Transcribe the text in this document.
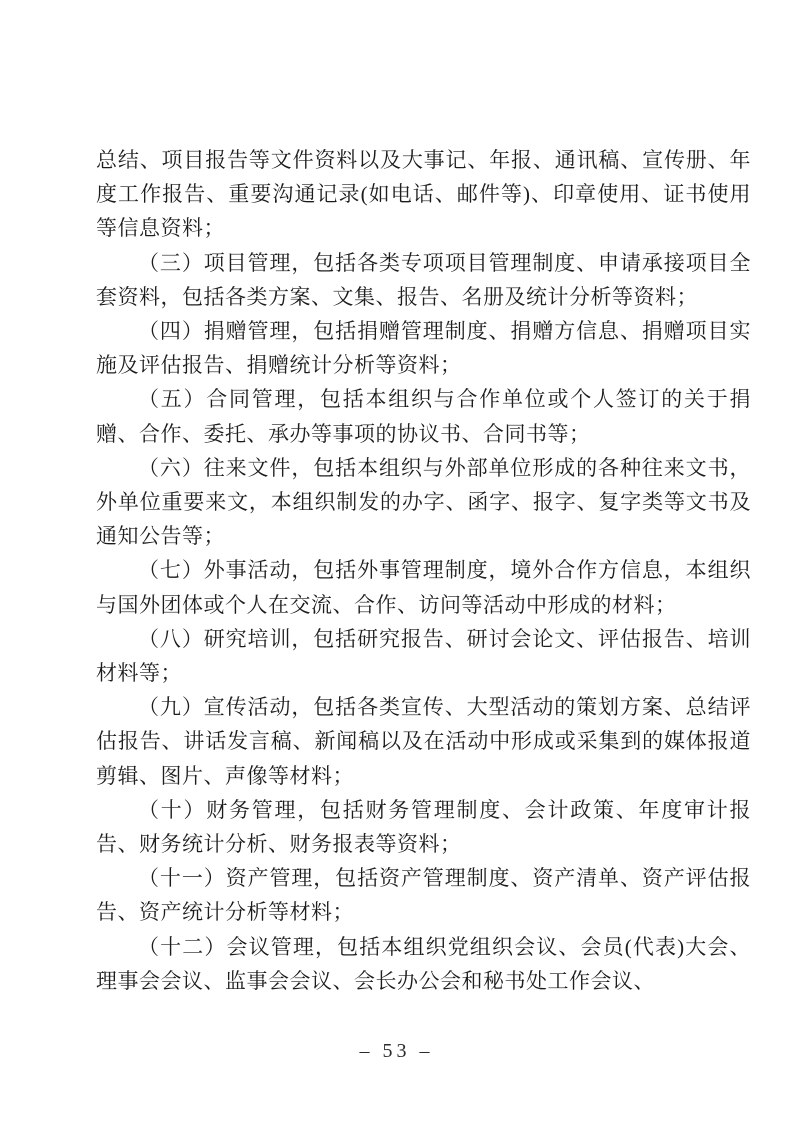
总结、项目报告等文件资料以及大事记、年报、通讯稿、宣传册、年度工作报告、重要沟通记录(如电话、邮件等)、印章使用、证书使用等信息资料；

（三）项目管理，包括各类专项项目管理制度、申请承接项目全套资料，包括各类方案、文集、报告、名册及统计分析等资料；

（四）捐赠管理，包括捐赠管理制度、捐赠方信息、捐赠项目实施及评估报告、捐赠统计分析等资料；

（五）合同管理，包括本组织与合作单位或个人签订的关于捐赠、合作、委托、承办等事项的协议书、合同书等；

（六）往来文件，包括本组织与外部单位形成的各种往来文书，外单位重要来文，本组织制发的办字、函字、报字、复字类等文书及通知公告等；

（七）外事活动，包括外事管理制度，境外合作方信息，本组织与国外团体或个人在交流、合作、访问等活动中形成的材料；

（八）研究培训，包括研究报告、研讨会论文、评估报告、培训材料等；

（九）宣传活动，包括各类宣传、大型活动的策划方案、总结评估报告、讲话发言稿、新闻稿以及在活动中形成或采集到的媒体报道剪辑、图片、声像等材料；

（十）财务管理，包括财务管理制度、会计政策、年度审计报告、财务统计分析、财务报表等资料；

（十一）资产管理，包括资产管理制度、资产清单、资产评估报告、资产统计分析等材料；

（十二）会议管理，包括本组织党组织会议、会员(代表)大会、理事会会议、监事会会议、会长办公会和秘书处工作会议、

– 53 –
